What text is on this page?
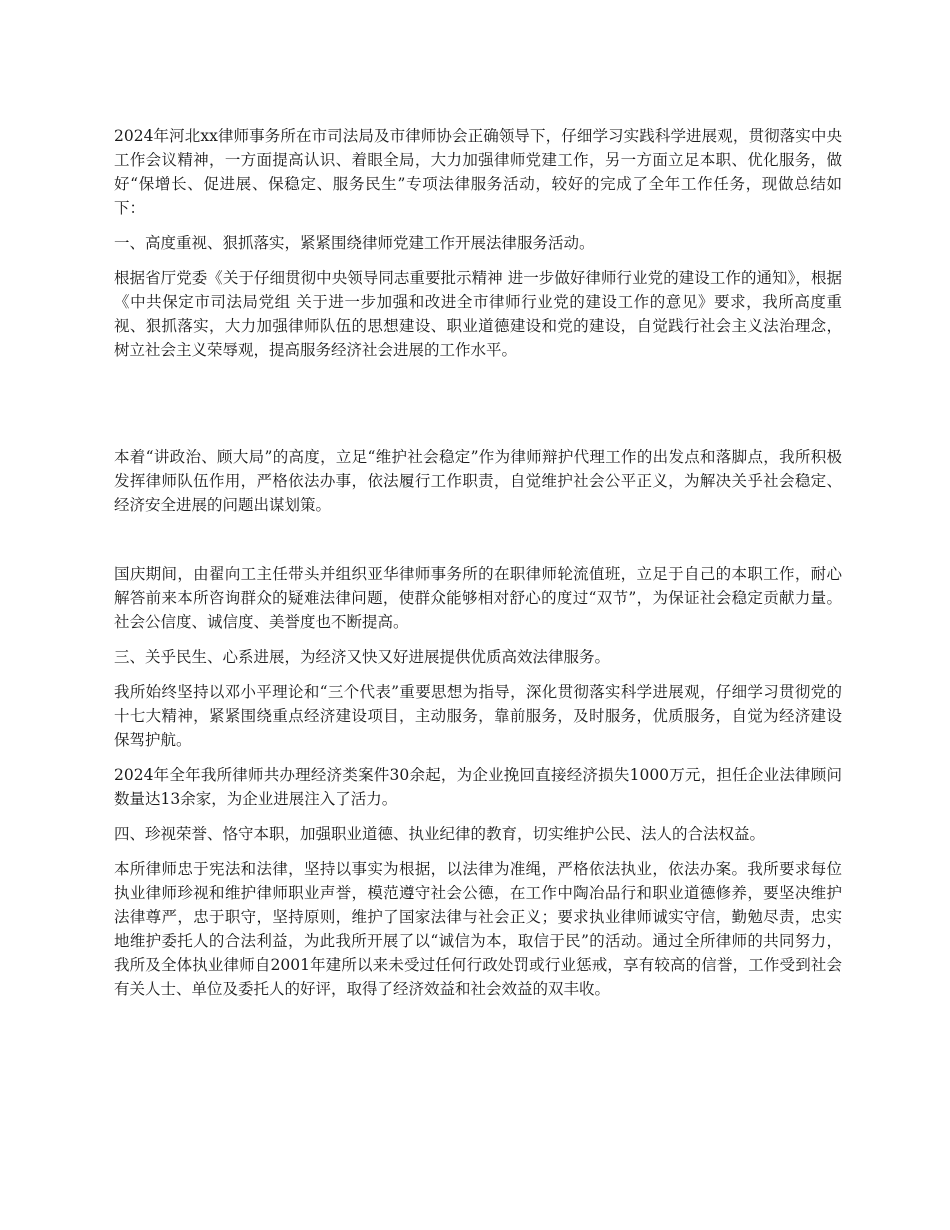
2024年河北xx律师事务所在市司法局及市律师协会正确领导下，仔细学习实践科学进展观，贯彻落实中央工作会议精神，一方面提高认识、着眼全局，大力加强律师党建工作，另一方面立足本职、优化服务，做好“保增长、促进展、保稳定、服务民生”专项法律服务活动，较好的完成了全年工作任务，现做总结如下：

一、高度重视、狠抓落实，紧紧围绕律师党建工作开展法律服务活动。

根据省厅党委《关于仔细贯彻中央领导同志重要批示精神 进一步做好律师行业党的建设工作的通知》，根据《中共保定市司法局党组 关于进一步加强和改进全市律师行业党的建设工作的意见》要求，我所高度重视、狠抓落实，大力加强律师队伍的思想建设、职业道德建设和党的建设，自觉践行社会主义法治理念，树立社会主义荣辱观，提高服务经济社会进展的工作水平。

本着“讲政治、顾大局”的高度，立足“维护社会稳定”作为律师辩护代理工作的出发点和落脚点，我所积极发挥律师队伍作用，严格依法办事，依法履行工作职责，自觉维护社会公平正义，为解决关乎社会稳定、经济安全进展的问题出谋划策。

国庆期间，由翟向工主任带头并组织亚华律师事务所的在职律师轮流值班，立足于自己的本职工作，耐心解答前来本所咨询群众的疑难法律问题，使群众能够相对舒心的度过“双节”，为保证社会稳定贡献力量。社会公信度、诚信度、美誉度也不断提高。

三、关乎民生、心系进展，为经济又快又好进展提供优质高效法律服务。

我所始终坚持以邓小平理论和“三个代表”重要思想为指导，深化贯彻落实科学进展观，仔细学习贯彻党的十七大精神，紧紧围绕重点经济建设项目，主动服务，靠前服务，及时服务，优质服务，自觉为经济建设保驾护航。

2024年全年我所律师共办理经济类案件30余起，为企业挽回直接经济损失1000万元，担任企业法律顾问数量达13余家，为企业进展注入了活力。

四、珍视荣誉、恪守本职，加强职业道德、执业纪律的教育，切实维护公民、法人的合法权益。

本所律师忠于宪法和法律，坚持以事实为根据，以法律为准绳，严格依法执业，依法办案。我所要求每位执业律师珍视和维护律师职业声誉，模范遵守社会公德，在工作中陶冶品行和职业道德修养，要坚决维护法律尊严，忠于职守，坚持原则，维护了国家法律与社会正义；要求执业律师诚实守信，勤勉尽责，忠实地维护委托人的合法利益，为此我所开展了以“诚信为本，取信于民”的活动。通过全所律师的共同努力，我所及全体执业律师自2001年建所以来未受过任何行政处罚或行业惩戒，享有较高的信誉，工作受到社会有关人士、单位及委托人的好评，取得了经济效益和社会效益的双丰收。
